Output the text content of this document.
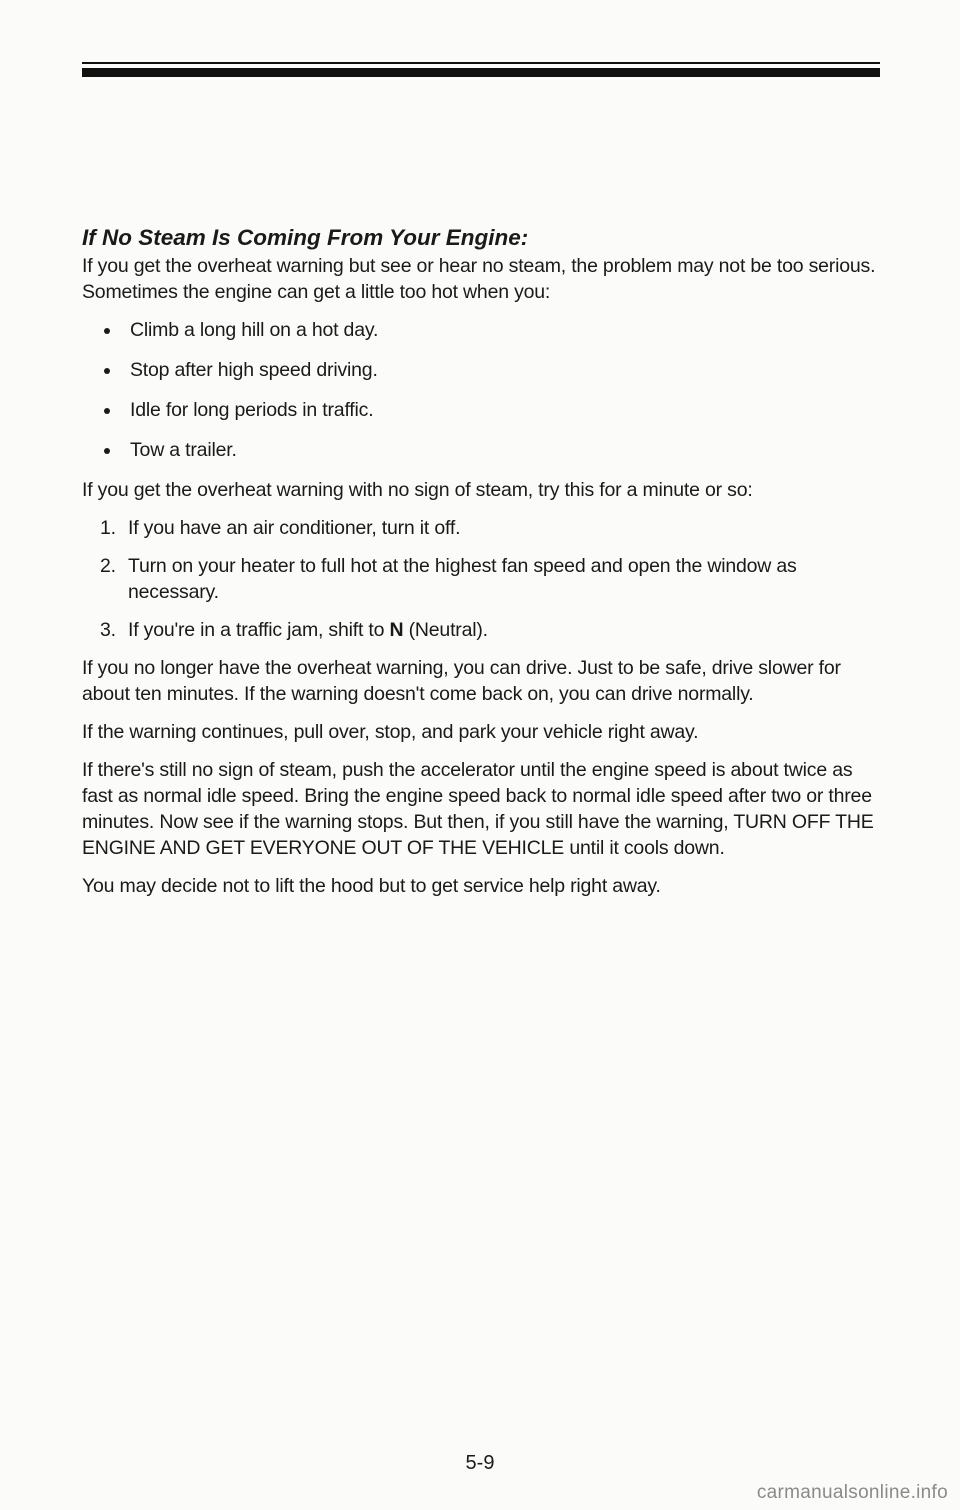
If No Steam Is Coming From Your Engine:

If you get the overheat warning but see or hear no steam, the problem may not be too serious. Sometimes the engine can get a little too hot when you:

Climb a long hill on a hot day.
Stop after high speed driving.
Idle for long periods in traffic.
Tow a trailer.

If you get the overheat warning with no sign of steam, try this for a minute or so:

1. If you have an air conditioner, turn it off.
2. Turn on your heater to full hot at the highest fan speed and open the window as necessary.
3. If you're in a traffic jam, shift to N (Neutral).

If you no longer have the overheat warning, you can drive. Just to be safe, drive slower for about ten minutes. If the warning doesn't come back on, you can drive normally.

If the warning continues, pull over, stop, and park your vehicle right away.

If there's still no sign of steam, push the accelerator until the engine speed is about twice as fast as normal idle speed. Bring the engine speed back to normal idle speed after two or three minutes. Now see if the warning stops. But then, if you still have the warning, TURN OFF THE ENGINE AND GET EVERYONE OUT OF THE VEHICLE until it cools down.

You may decide not to lift the hood but to get service help right away.

5-9
carmanualsonline.info
